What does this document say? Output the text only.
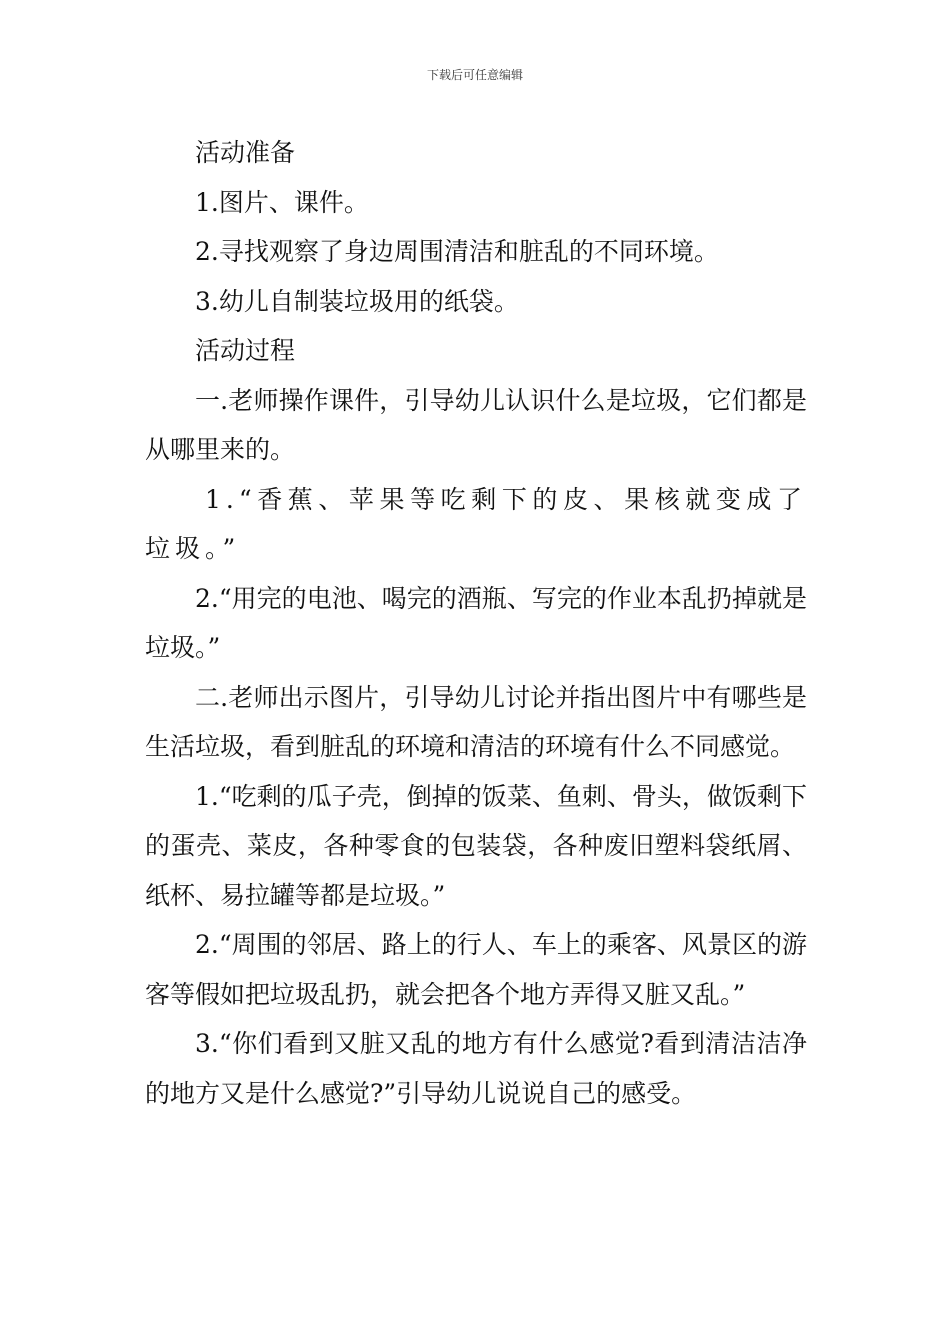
下载后可任意编辑

活动准备

1.图片、课件。

2.寻找观察了身边周围清洁和脏乱的不同环境。

3.幼儿自制装垃圾用的纸袋。

活动过程

一.老师操作课件，引导幼儿认识什么是垃圾，它们都是从哪里来的。

1.“香蕉、苹果等吃剩下的皮、果核就变成了垃圾。”

2.“用完的电池、喝完的酒瓶、写完的作业本乱扔掉就是垃圾。”

二.老师出示图片，引导幼儿讨论并指出图片中有哪些是生活垃圾，看到脏乱的环境和清洁的环境有什么不同感觉。

1.“吃剩的瓜子壳，倒掉的饭菜、鱼刺、骨头，做饭剩下的蛋壳、菜皮，各种零食的包装袋，各种废旧塑料袋纸屑、纸杯、易拉罐等都是垃圾。”

2.“周围的邻居、路上的行人、车上的乘客、风景区的游客等假如把垃圾乱扔，就会把各个地方弄得又脏又乱。”

3.“你们看到又脏又乱的地方有什么感觉?看到清洁洁净的地方又是什么感觉?”引导幼儿说说自己的感受。
